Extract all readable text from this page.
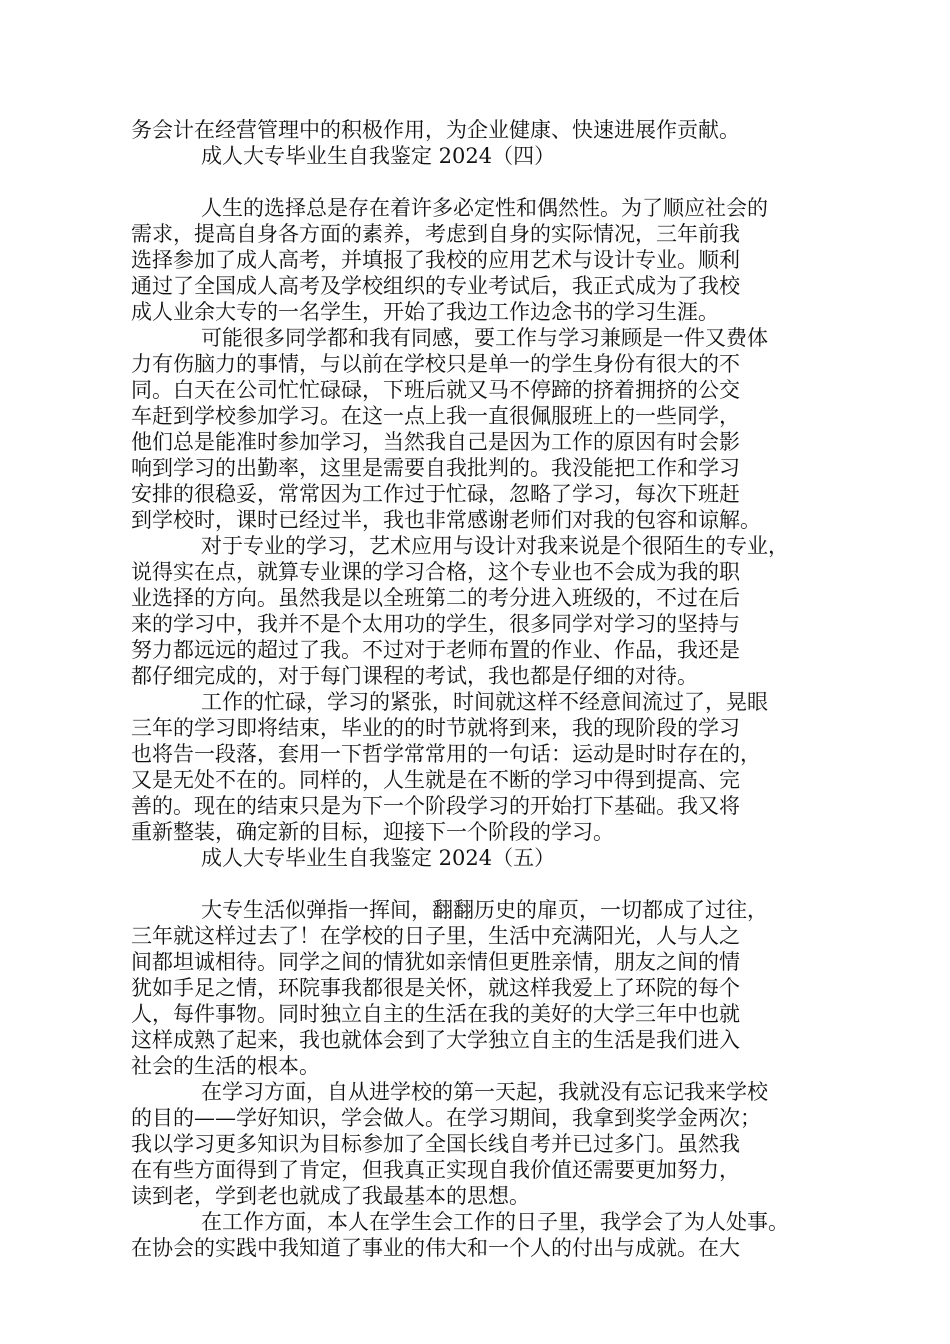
务会计在经营管理中的积极作用，为企业健康、快速进展作贡献。
成人大专毕业生自我鉴定 2024（四）
人生的选择总是存在着许多必定性和偶然性。为了顺应社会的
需求，提高自身各方面的素养，考虑到自身的实际情况，三年前我
选择参加了成人高考，并填报了我校的应用艺术与设计专业。顺利
通过了全国成人高考及学校组织的专业考试后，我正式成为了我校
成人业余大专的一名学生，开始了我边工作边念书的学习生涯。
可能很多同学都和我有同感，要工作与学习兼顾是一件又费体
力有伤脑力的事情，与以前在学校只是单一的学生身份有很大的不
同。白天在公司忙忙碌碌，下班后就又马不停蹄的挤着拥挤的公交
车赶到学校参加学习。在这一点上我一直很佩服班上的一些同学，
他们总是能准时参加学习，当然我自己是因为工作的原因有时会影
响到学习的出勤率，这里是需要自我批判的。我没能把工作和学习
安排的很稳妥，常常因为工作过于忙碌，忽略了学习，每次下班赶
到学校时，课时已经过半，我也非常感谢老师们对我的包容和谅解。
对于专业的学习，艺术应用与设计对我来说是个很陌生的专业，
说得实在点，就算专业课的学习合格，这个专业也不会成为我的职
业选择的方向。虽然我是以全班第二的考分进入班级的，不过在后
来的学习中，我并不是个太用功的学生，很多同学对学习的坚持与
努力都远远的超过了我。不过对于老师布置的作业、作品，我还是
都仔细完成的，对于每门课程的考试，我也都是仔细的对待。
工作的忙碌，学习的紧张，时间就这样不经意间流过了，晃眼
三年的学习即将结束，毕业的的时节就将到来，我的现阶段的学习
也将告一段落，套用一下哲学常常用的一句话：运动是时时存在的，
又是无处不在的。同样的，人生就是在不断的学习中得到提高、完
善的。现在的结束只是为下一个阶段学习的开始打下基础。我又将
重新整装，确定新的目标，迎接下一个阶段的学习。
成人大专毕业生自我鉴定 2024（五）
大专生活似弹指一挥间，翻翻历史的扉页，一切都成了过往，
三年就这样过去了！在学校的日子里，生活中充满阳光，人与人之
间都坦诚相待。同学之间的情犹如亲情但更胜亲情，朋友之间的情
犹如手足之情，环院事我都很是关怀，就这样我爱上了环院的每个
人，每件事物。同时独立自主的生活在我的美好的大学三年中也就
这样成熟了起来，我也就体会到了大学独立自主的生活是我们进入
社会的生活的根本。
在学习方面，自从进学校的第一天起，我就没有忘记我来学校
的目的——学好知识，学会做人。在学习期间，我拿到奖学金两次；
我以学习更多知识为目标参加了全国长线自考并已过多门。虽然我
在有些方面得到了肯定，但我真正实现自我价值还需要更加努力，
读到老，学到老也就成了我最基本的思想。
在工作方面，本人在学生会工作的日子里，我学会了为人处事。
在协会的实践中我知道了事业的伟大和一个人的付出与成就。在大
